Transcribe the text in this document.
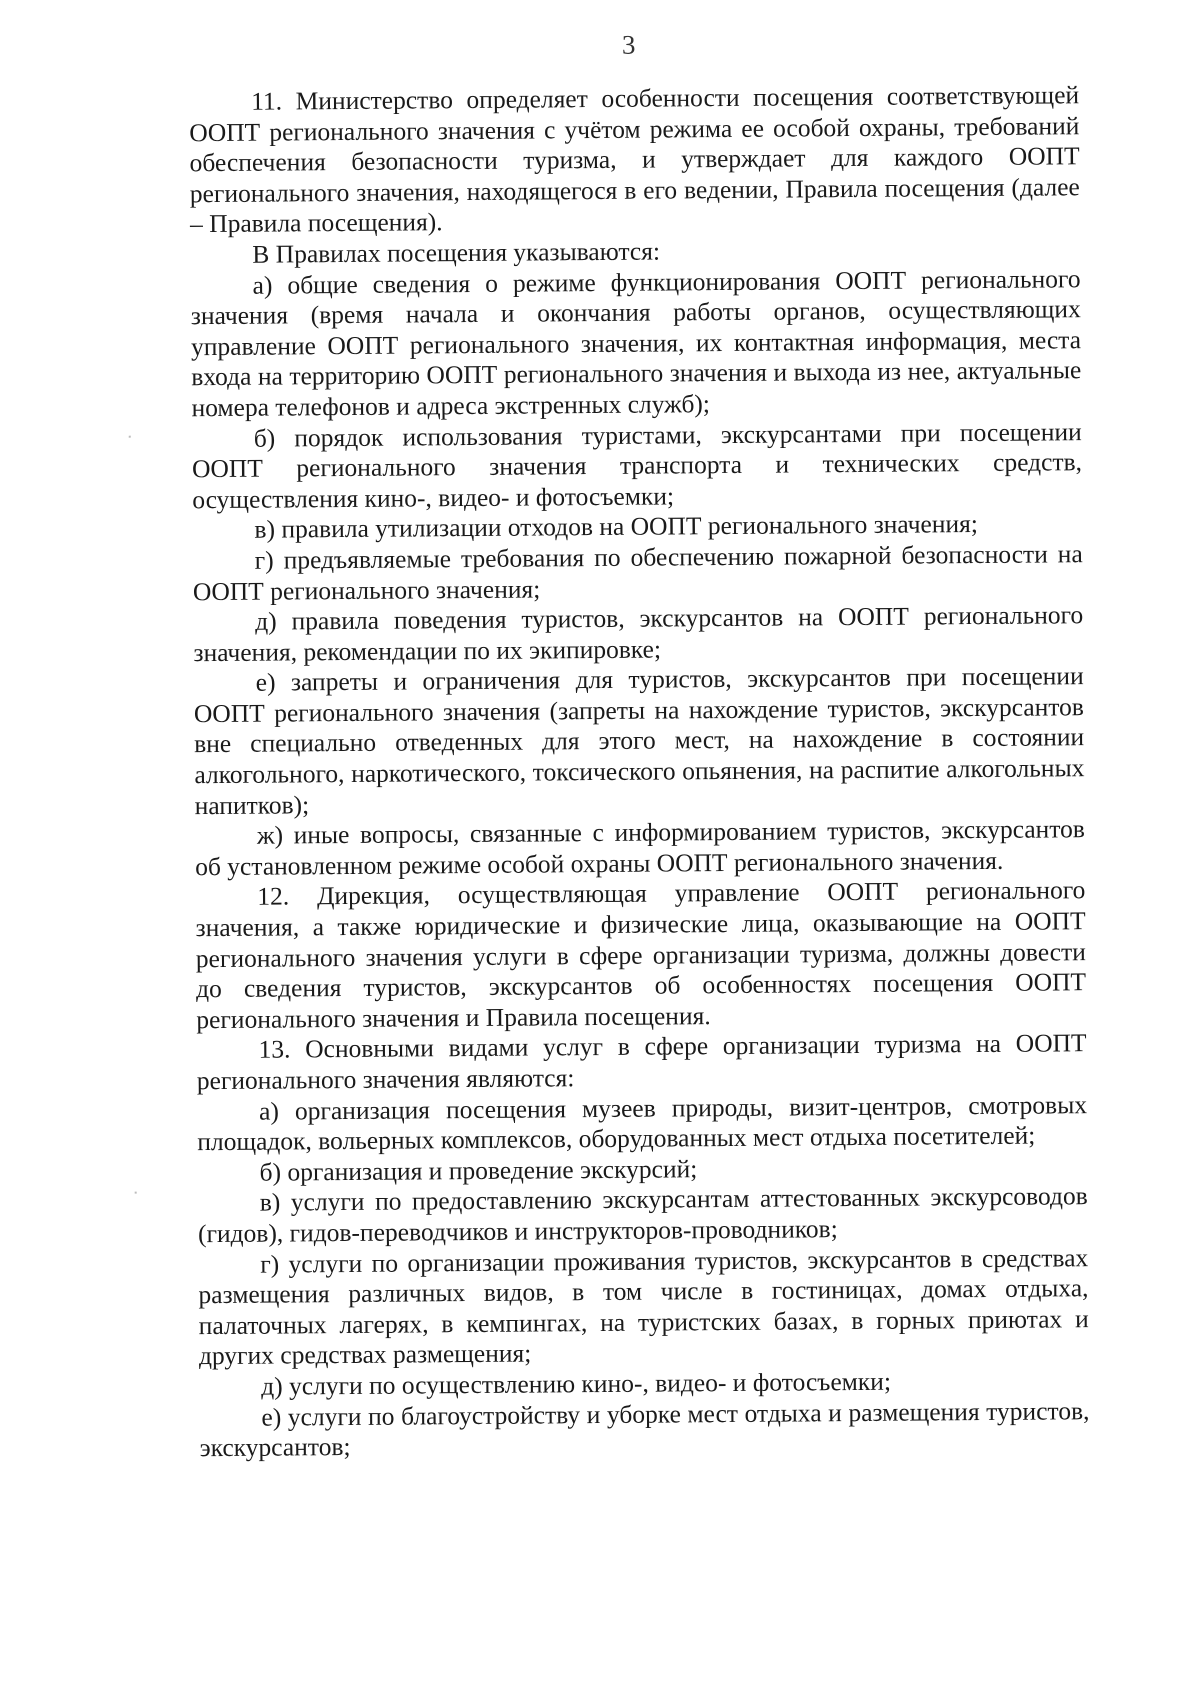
3

11. Министерство определяет особенности посещения соответствующей ООПТ регионального значения с учётом режима ее особой охраны, требований обеспечения безопасности туризма, и утверждает для каждого ООПТ регионального значения, находящегося в его ведении, Правила посещения (далее – Правила посещения).

В Правилах посещения указываются:

а) общие сведения о режиме функционирования ООПТ регионального значения (время начала и окончания работы органов, осуществляющих управление ООПТ регионального значения, их контактная информация, места входа на территорию ООПТ регионального значения и выхода из нее, актуальные номера телефонов и адреса экстренных служб);

б) порядок использования туристами, экскурсантами при посещении ООПТ регионального значения транспорта и технических средств, осуществления кино-, видео- и фотосъемки;

в) правила утилизации отходов на ООПТ регионального значения;

г) предъявляемые требования по обеспечению пожарной безопасности на ООПТ регионального значения;

д) правила поведения туристов, экскурсантов на ООПТ регионального значения, рекомендации по их экипировке;

е) запреты и ограничения для туристов, экскурсантов при посещении ООПТ регионального значения (запреты на нахождение туристов, экскурсантов вне специально отведенных для этого мест, на нахождение в состоянии алкогольного, наркотического, токсического опьянения, на распитие алкогольных напитков);

ж) иные вопросы, связанные с информированием туристов, экскурсантов об установленном режиме особой охраны ООПТ регионального значения.

12. Дирекция, осуществляющая управление ООПТ регионального значения, а также юридические и физические лица, оказывающие на ООПТ регионального значения услуги в сфере организации туризма, должны довести до сведения туристов, экскурсантов об особенностях посещения ООПТ регионального значения и Правила посещения.

13. Основными видами услуг в сфере организации туризма на ООПТ регионального значения являются:

а) организация посещения музеев природы, визит-центров, смотровых площадок, вольерных комплексов, оборудованных мест отдыха посетителей;

б) организация и проведение экскурсий;

в) услуги по предоставлению экскурсантам аттестованных экскурсоводов (гидов), гидов-переводчиков и инструкторов-проводников;

г) услуги по организации проживания туристов, экскурсантов в средствах размещения различных видов, в том числе в гостиницах, домах отдыха, палаточных лагерях, в кемпингах, на туристских базах, в горных приютах и других средствах размещения;

д) услуги по осуществлению кино-, видео- и фотосъемки;

е) услуги по благоустройству и уборке мест отдыха и размещения туристов, экскурсантов;
